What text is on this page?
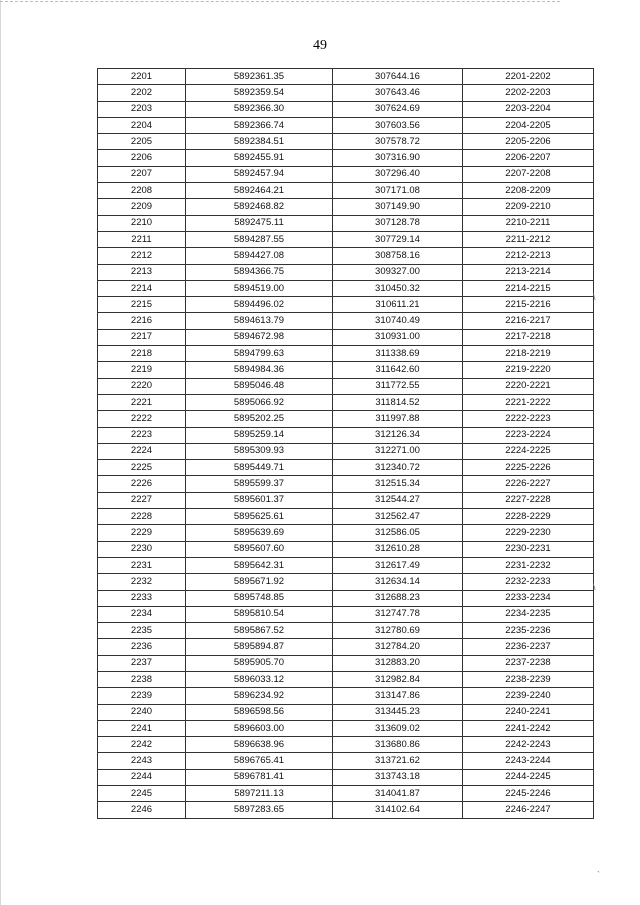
49
2201	5892361.35	307644.16	2201-2202
2202	5892359.54	307643.46	2202-2203
2203	5892366.30	307624.69	2203-2204
2204	5892366.74	307603.56	2204-2205
2205	5892384.51	307578.72	2205-2206
2206	5892455.91	307316.90	2206-2207
2207	5892457.94	307296.40	2207-2208
2208	5892464.21	307171.08	2208-2209
2209	5892468.82	307149.90	2209-2210
2210	5892475.11	307128.78	2210-2211
2211	5894287.55	307729.14	2211-2212
2212	5894427.08	308758.16	2212-2213
2213	5894366.75	309327.00	2213-2214
2214	5894519.00	310450.32	2214-2215
2215	5894496.02	310611.21	2215-2216
2216	5894613.79	310740.49	2216-2217
2217	5894672.98	310931.00	2217-2218
2218	5894799.63	311338.69	2218-2219
2219	5894984.36	311642.60	2219-2220
2220	5895046.48	311772.55	2220-2221
2221	5895066.92	311814.52	2221-2222
2222	5895202.25	311997.88	2222-2223
2223	5895259.14	312126.34	2223-2224
2224	5895309.93	312271.00	2224-2225
2225	5895449.71	312340.72	2225-2226
2226	5895599.37	312515.34	2226-2227
2227	5895601.37	312544.27	2227-2228
2228	5895625.61	312562.47	2228-2229
2229	5895639.69	312586.05	2229-2230
2230	5895607.60	312610.28	2230-2231
2231	5895642.31	312617.49	2231-2232
2232	5895671.92	312634.14	2232-2233
2233	5895748.85	312688.23	2233-2234
2234	5895810.54	312747.78	2234-2235
2235	5895867.52	312780.69	2235-2236
2236	5895894.87	312784.20	2236-2237
2237	5895905.70	312883.20	2237-2238
2238	5896033.12	312982.84	2238-2239
2239	5896234.92	313147.86	2239-2240
2240	5896598.56	313445.23	2240-2241
2241	5896603.00	313609.02	2241-2242
2242	5896638.96	313680.86	2242-2243
2243	5896765.41	313721.62	2243-2244
2244	5896781.41	313743.18	2244-2245
2245	5897211.13	314041.87	2245-2246
2246	5897283.65	314102.64	2246-2247
\
\
`
